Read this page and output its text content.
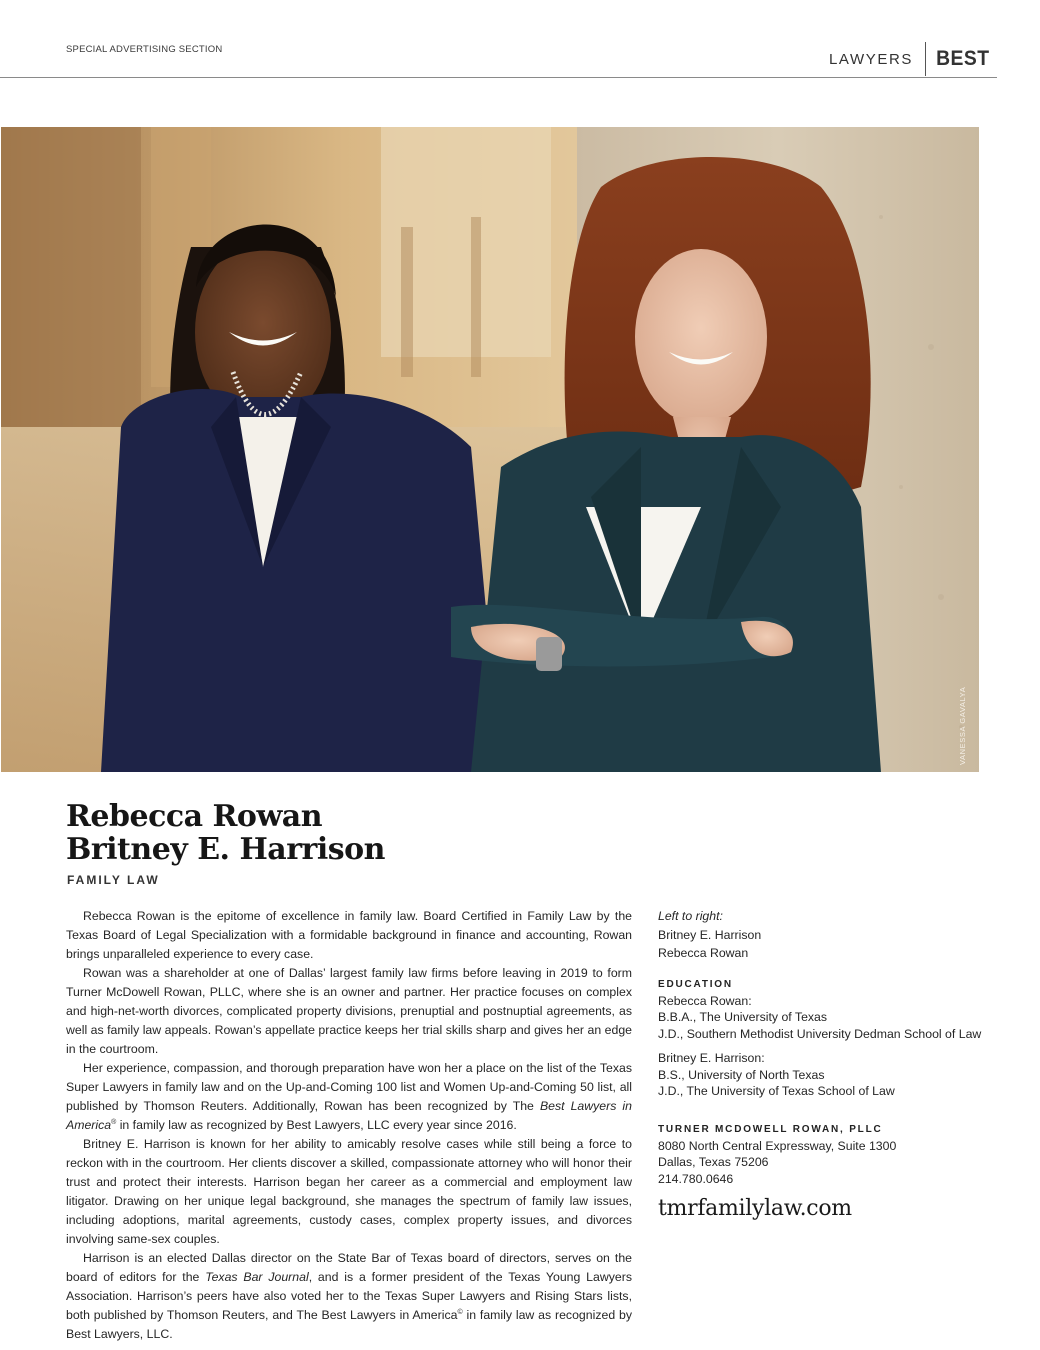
SPECIAL ADVERTISING SECTION
LAWYERS	BEST
VANESSA GAVALYA
Rebecca Rowan
Britney E. Harrison
FAMILY LAW

Rebecca Rowan is the epitome of excellence in family law. Board Certified in Family Law by the Texas Board of Legal Specialization with a formidable background in finance and accounting, Rowan brings unparalleled experience to every case.

Rowan was a shareholder at one of Dallas’ largest family law firms before leaving in 2019 to form Turner McDowell Rowan, PLLC, where she is an owner and partner. Her practice focuses on complex and high-net-worth divorces, complicated property divisions, prenuptial and postnuptial agreements, as well as family law appeals. Rowan’s appellate practice keeps her trial skills sharp and gives her an edge in the courtroom.

Her experience, compassion, and thorough preparation have won her a place on the list of the Texas Super Lawyers in family law and on the Up-and-Coming 100 list and Women Up-and-Coming 50 list, all published by Thomson Reuters. Additionally, Rowan has been recognized by The Best Lawyers in America® in family law as recognized by Best Lawyers, LLC every year since 2016.

Britney E. Harrison is known for her ability to amicably resolve cases while still being a force to reckon with in the courtroom. Her clients discover a skilled, compassionate attorney who will honor their trust and protect their interests. Harrison began her career as a commercial and employment law litigator. Drawing on her unique legal background, she manages the spectrum of family law issues, including adoptions, marital agreements, custody cases, complex property issues, and divorces involving same-sex couples.

Harrison is an elected Dallas director on the State Bar of Texas board of directors, serves on the board of editors for the Texas Bar Journal, and is a former president of the Texas Young Lawyers Association. Harrison’s peers have also voted her to the Texas Super Lawyers and Rising Stars lists, both published by Thomson Reuters, and The Best Lawyers in America© in family law as recognized by Best Lawyers, LLC.

Left to right:
Britney E. Harrison
Rebecca Rowan
EDUCATION
Rebecca Rowan:
B.B.A., The University of Texas
J.D., Southern Methodist University Dedman School of Law
Britney E. Harrison:
B.S., University of North Texas
J.D., The University of Texas School of Law
TURNER MCDOWELL ROWAN, PLLC
8080 North Central Expressway, Suite 1300
Dallas, Texas 75206
214.780.0646
tmrfamilylaw.com
